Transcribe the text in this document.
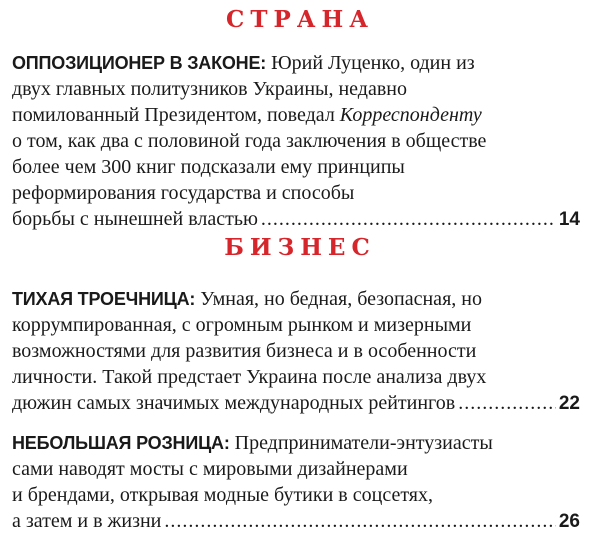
СТРАНА
ОППОЗИЦИОНЕР В ЗАКОНЕ: Юрий Луценко, один из
двух главных политузников Украины, недавно
помилованный Президентом, поведал Корреспонденту
о том, как два с половиной года заключения в обществе
более чем 300 книг подсказали ему принципы
реформирования государства и способы
борьбы с нынешней властью .....	14
БИЗНЕС
ТИХАЯ ТРОЕЧНИЦА: Умная, но бедная, безопасная, но
коррумпированная, с огромным рынком и мизерными
возможностями для развития бизнеса и в особенности
личности. Такой предстает Украина после анализа двух
дюжин самых значимых международных рейтингов .....	22
НЕБОЛЬШАЯ РОЗНИЦА: Предприниматели-энтузиасты
сами наводят мосты с мировыми дизайнерами
и брендами, открывая модные бутики в соцсетях,
а затем и в жизни .....	26
